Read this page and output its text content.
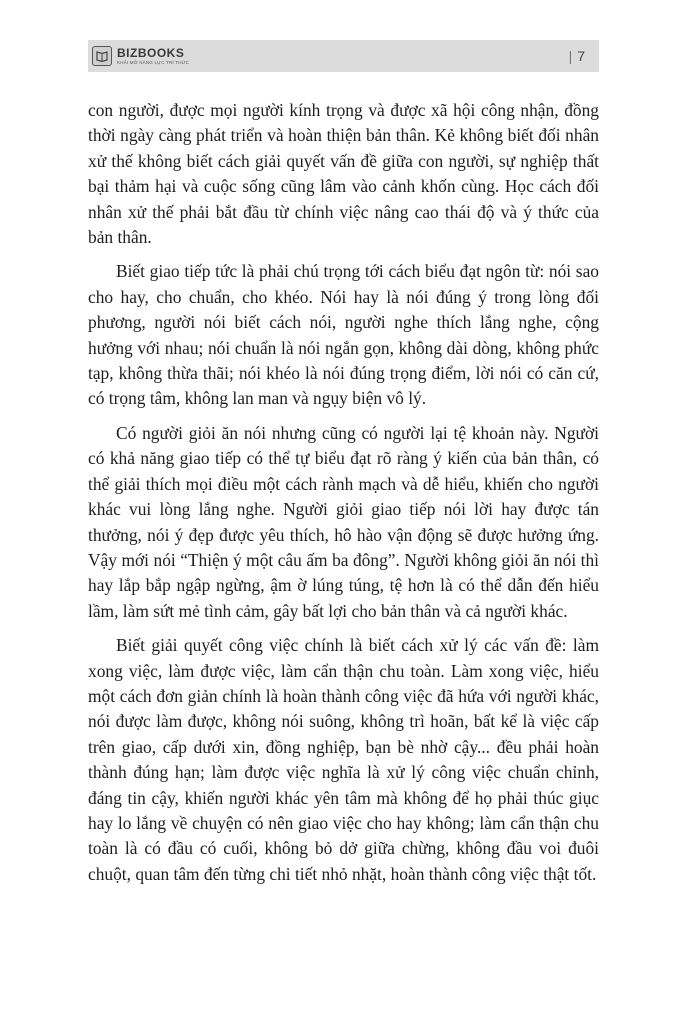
BIZBOOKS
KHẢI MỞ NĂNG LỰC TRÍ THỨC	| 7

con người, được mọi người kính trọng và được xã hội công nhận, đồng thời ngày càng phát triển và hoàn thiện bản thân. Kẻ không biết đối nhân xử thế không biết cách giải quyết vấn đề giữa con người, sự nghiệp thất bại thảm hại và cuộc sống cũng lâm vào cảnh khốn cùng. Học cách đối nhân xử thế phải bắt đầu từ chính việc nâng cao thái độ và ý thức của bản thân.

Biết giao tiếp tức là phải chú trọng tới cách biểu đạt ngôn từ: nói sao cho hay, cho chuẩn, cho khéo. Nói hay là nói đúng ý trong lòng đối phương, người nói biết cách nói, người nghe thích lắng nghe, cộng hưởng với nhau; nói chuẩn là nói ngắn gọn, không dài dòng, không phức tạp, không thừa thãi; nói khéo là nói đúng trọng điểm, lời nói có căn cứ, có trọng tâm, không lan man và ngụy biện vô lý.

Có người giỏi ăn nói nhưng cũng có người lại tệ khoản này. Người có khả năng giao tiếp có thể tự biểu đạt rõ ràng ý kiến của bản thân, có thể giải thích mọi điều một cách rành mạch và dễ hiểu, khiến cho người khác vui lòng lắng nghe. Người giỏi giao tiếp nói lời hay được tán thưởng, nói ý đẹp được yêu thích, hô hào vận động sẽ được hưởng ứng. Vậy mới nói “Thiện ý một câu ấm ba đông”. Người không giỏi ăn nói thì hay lắp bắp ngập ngừng, ậm ờ lúng túng, tệ hơn là có thể dẫn đến hiểu lầm, làm sứt mẻ tình cảm, gây bất lợi cho bản thân và cả người khác.

Biết giải quyết công việc chính là biết cách xử lý các vấn đề: làm xong việc, làm được việc, làm cẩn thận chu toàn. Làm xong việc, hiểu một cách đơn giản chính là hoàn thành công việc đã hứa với người khác, nói được làm được, không nói suông, không trì hoãn, bất kể là việc cấp trên giao, cấp dưới xin, đồng nghiệp, bạn bè nhờ cậy... đều phải hoàn thành đúng hạn; làm được việc nghĩa là xử lý công việc chuẩn chỉnh, đáng tin cậy, khiến người khác yên tâm mà không để họ phải thúc giục hay lo lắng về chuyện có nên giao việc cho hay không; làm cẩn thận chu toàn là có đầu có cuối, không bỏ dở giữa chừng, không đầu voi đuôi chuột, quan tâm đến từng chi tiết nhỏ nhặt, hoàn thành công việc thật tốt.
